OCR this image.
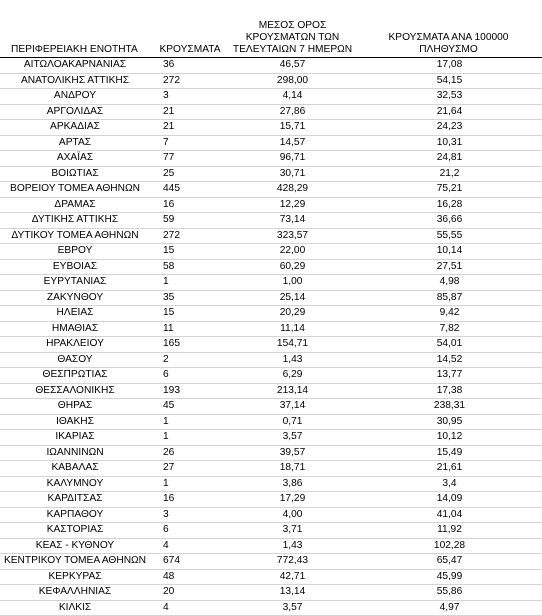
ΠΕΡΙΦΕΡΕΙΑΚΗ ΕΝΟΤΗΤΑ	ΚΡΟΥΣΜΑΤΑ	ΜΕΣΟΣ ΟΡΟΣ
ΚΡΟΥΣΜΑΤΩΝ ΤΩΝ
ΤΕΛΕΥΤΑΙΩΝ 7 ΗΜΕΡΩΝ	ΚΡΟΥΣΜΑΤΑ ΑΝΑ 100000
ΠΛΗΘΥΣΜΟ

ΑΙΤΩΛΟΑΚΑΡΝΑΝΙΑΣ	36	46,57	17,08
ΑΝΑΤΟΛΙΚΗΣ ΑΤΤΙΚΗΣ	272	298,00	54,15
ΑΝΔΡΟΥ	3	4,14	32,53
ΑΡΓΟΛΙΔΑΣ	21	27,86	21,64
ΑΡΚΑΔΙΑΣ	21	15,71	24,23
ΑΡΤΑΣ	7	14,57	10,31
ΑΧΑΪΑΣ	77	96,71	24,81
ΒΟΙΩΤΙΑΣ	25	30,71	21,2
ΒΟΡΕΙΟΥ ΤΟΜΕΑ ΑΘΗΝΩΝ	445	428,29	75,21
ΔΡΑΜΑΣ	16	12,29	16,28
ΔΥΤΙΚΗΣ ΑΤΤΙΚΗΣ	59	73,14	36,66
ΔΥΤΙΚΟΥ ΤΟΜΕΑ ΑΘΗΝΩΝ	272	323,57	55,55
ΕΒΡΟΥ	15	22,00	10,14
ΕΥΒΟΙΑΣ	58	60,29	27,51
ΕΥΡΥΤΑΝΙΑΣ	1	1,00	4,98
ΖΑΚΥΝΘΟΥ	35	25,14	85,87
ΗΛΕΙΑΣ	15	20,29	9,42
ΗΜΑΘΙΑΣ	11	11,14	7,82
ΗΡΑΚΛΕΙΟΥ	165	154,71	54,01
ΘΑΣΟΥ	2	1,43	14,52
ΘΕΣΠΡΩΤΙΑΣ	6	6,29	13,77
ΘΕΣΣΑΛΟΝΙΚΗΣ	193	213,14	17,38
ΘΗΡΑΣ	45	37,14	238,31
ΙΘΑΚΗΣ	1	0,71	30,95
ΙΚΑΡΙΑΣ	1	3,57	10,12
ΙΩΑΝΝΙΝΩΝ	26	39,57	15,49
ΚΑΒΑΛΑΣ	27	18,71	21,61
ΚΑΛΥΜΝΟΥ	1	3,86	3,4
ΚΑΡΔΙΤΣΑΣ	16	17,29	14,09
ΚΑΡΠΑΘΟΥ	3	4,00	41,04
ΚΑΣΤΟΡΙΑΣ	6	3,71	11,92
ΚΕΑΣ - ΚΥΘΝΟΥ	4	1,43	102,28
ΚΕΝΤΡΙΚΟΥ ΤΟΜΕΑ ΑΘΗΝΩΝ	674	772,43	65,47
ΚΕΡΚΥΡΑΣ	48	42,71	45,99
ΚΕΦΑΛΛΗΝΙΑΣ	20	13,14	55,86
ΚΙΛΚΙΣ	4	3,57	4,97
